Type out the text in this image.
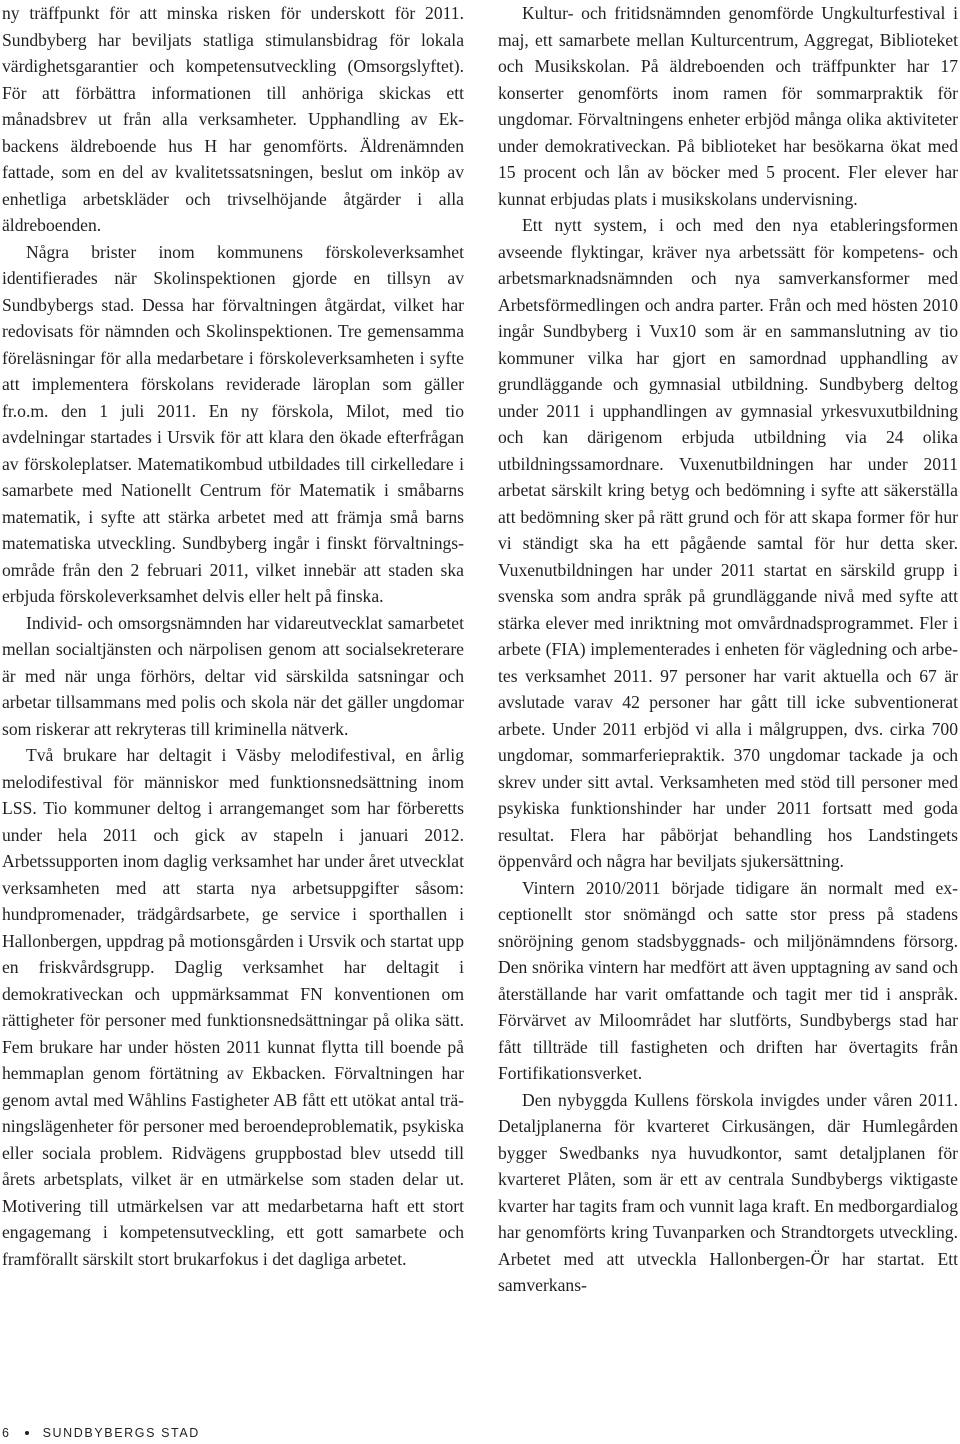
ny träffpunkt för att minska risken för underskott för 2011. Sundbyberg har beviljats statliga stimulansbidrag för lokala värdighetsgarantier och kompetensutveckling (Omsorgslyftet). För att förbättra informationen till anhöriga skickas ett månadsbrev ut från alla verksamheter. Upphandling av Ekbackens äldreboende hus H har genomförts. Äldrenämnden fattade, som en del av kvalitetssatsningen, beslut om inköp av enhetliga arbetskläder och trivselhöjande åtgärder i alla äldreboenden.

Några brister inom kommunens förskoleverksamhet identifierades när Skolinspektionen gjorde en tillsyn av Sundbybergs stad. Dessa har förvaltningen åtgärdat, vilket har redovisats för nämnden och Skolinspektionen. Tre gemensamma föreläsningar för alla medarbetare i förskoleverksamheten i syfte att implementera förskolans reviderade läroplan som gäller fr.o.m. den 1 juli 2011. En ny förskola, Milot, med tio avdelningar startades i Ursvik för att klara den ökade efterfrågan av förskoleplatser. Matematikombud utbildades till cirkelledare i samarbete med Nationellt Centrum för Matematik i småbarns matematik, i syfte att stärka arbetet med att främja små barns matematiska utveckling. Sundbyberg ingår i finskt förvaltningsområde från den 2 februari 2011, vilket innebär att staden ska erbjuda förskoleverksamhet delvis eller helt på finska.

Individ- och omsorgsnämnden har vidareutvecklat samarbetet mellan socialtjänsten och närpolisen genom att socialsekreterare är med när unga förhörs, deltar vid särskilda satsningar och arbetar tillsammans med polis och skola när det gäller ungdomar som riskerar att rekryteras till kriminella nätverk.

Två brukare har deltagit i Väsby melodifestival, en årlig melodifestival för människor med funktionsnedsättning inom LSS. Tio kommuner deltog i arrangemanget som har förberetts under hela 2011 och gick av stapeln i januari 2012. Arbetssupporten inom daglig verksamhet har under året utvecklat verksamheten med att starta nya arbetsuppgifter såsom: hundpromenader, trädgårdsarbete, ge service i sporthallen i Hallonbergen, uppdrag på motionsgården i Ursvik och startat upp en friskvårdsgrupp. Daglig verksamhet har deltagit i demokrativeckan och uppmärksammat FN konventionen om rättigheter för personer med funktionsnedsättningar på olika sätt. Fem brukare har under hösten 2011 kunnat flytta till boende på hemmaplan genom förtätning av Ekbacken. Förvaltningen har genom avtal med Wåhlins Fastigheter AB fått ett utökat antal träningslägenheter för personer med beroendeproblematik, psykiska eller sociala problem. Ridvägens gruppbostad blev utsedd till årets arbetsplats, vilket är en utmärkelse som staden delar ut. Motivering till utmärkelsen var att medarbetarna haft ett stort engagemang i kompetensutveckling, ett gott samarbete och framförallt särskilt stort brukarfokus i det dagliga arbetet.

Kultur- och fritidsnämnden genomförde Ungkulturfestival i maj, ett samarbete mellan Kulturcentrum, Aggregat, Biblioteket och Musikskolan. På äldreboenden och träffpunkter har 17 konserter genomförts inom ramen för sommarpraktik för ungdomar. Förvaltningens enheter erbjöd många olika aktiviteter under demokrativeckan. På biblioteket har besökarna ökat med 15 procent och lån av böcker med 5 procent. Fler elever har kunnat erbjudas plats i musikskolans undervisning.

Ett nytt system, i och med den nya etableringsformen avseende flyktingar, kräver nya arbetssätt för kompetens- och arbetsmarknadsnämnden och nya samverkansformer med Arbetsförmedlingen och andra parter. Från och med hösten 2010 ingår Sundbyberg i Vux10 som är en sammanslutning av tio kommuner vilka har gjort en samordnad upphandling av grundläggande och gymnasial utbildning. Sundbyberg deltog under 2011 i upphandlingen av gymnasial yrkesvuxutbildning och kan därigenom erbjuda utbildning via 24 olika utbildningssamordnare. Vuxenutbildningen har under 2011 arbetat särskilt kring betyg och bedömning i syfte att säkerställa att bedömning sker på rätt grund och för att skapa former för hur vi ständigt ska ha ett pågående samtal för hur detta sker. Vuxenutbildningen har under 2011 startat en särskild grupp i svenska som andra språk på grundläggande nivå med syfte att stärka elever med inriktning mot omvårdnadsprogrammet. Fler i arbete (FIA) implementerades i enheten för vägledning och arbetes verksamhet 2011. 97 personer har varit aktuella och 67 är avslutade varav 42 personer har gått till icke subventionerat arbete. Under 2011 erbjöd vi alla i målgruppen, dvs. cirka 700 ungdomar, sommarferiepraktik. 370 ungdomar tackade ja och skrev under sitt avtal. Verksamheten med stöd till personer med psykiska funktionshinder har under 2011 fortsatt med goda resultat. Flera har påbörjat behandling hos Landstingets öppenvård och några har beviljats sjukersättning.

Vintern 2010/2011 började tidigare än normalt med exceptionellt stor snömängd och satte stor press på stadens snöröjning genom stadsbyggnads- och miljönämndens försorg. Den snörika vintern har medfört att även upptagning av sand och återställande har varit omfattande och tagit mer tid i anspråk. Förvärvet av Miloområdet har slutförts, Sundbybergs stad har fått tillträde till fastigheten och driften har övertagits från Fortifikationsverket.

Den nybyggda Kullens förskola invigdes under våren 2011. Detaljplanerna för kvarteret Cirkusängen, där Humlegården bygger Swedbanks nya huvudkontor, samt detaljplanen för kvarteret Plåten, som är ett av centrala Sundbybergs viktigaste kvarter har tagits fram och vunnit laga kraft. En medborgardialog har genomförts kring Tuvanparken och Strandtorgets utveckling. Arbetet med att utveckla Hallonbergen-Ör har startat. Ett samverkans-

6	SUNDBYBERGS STAD
